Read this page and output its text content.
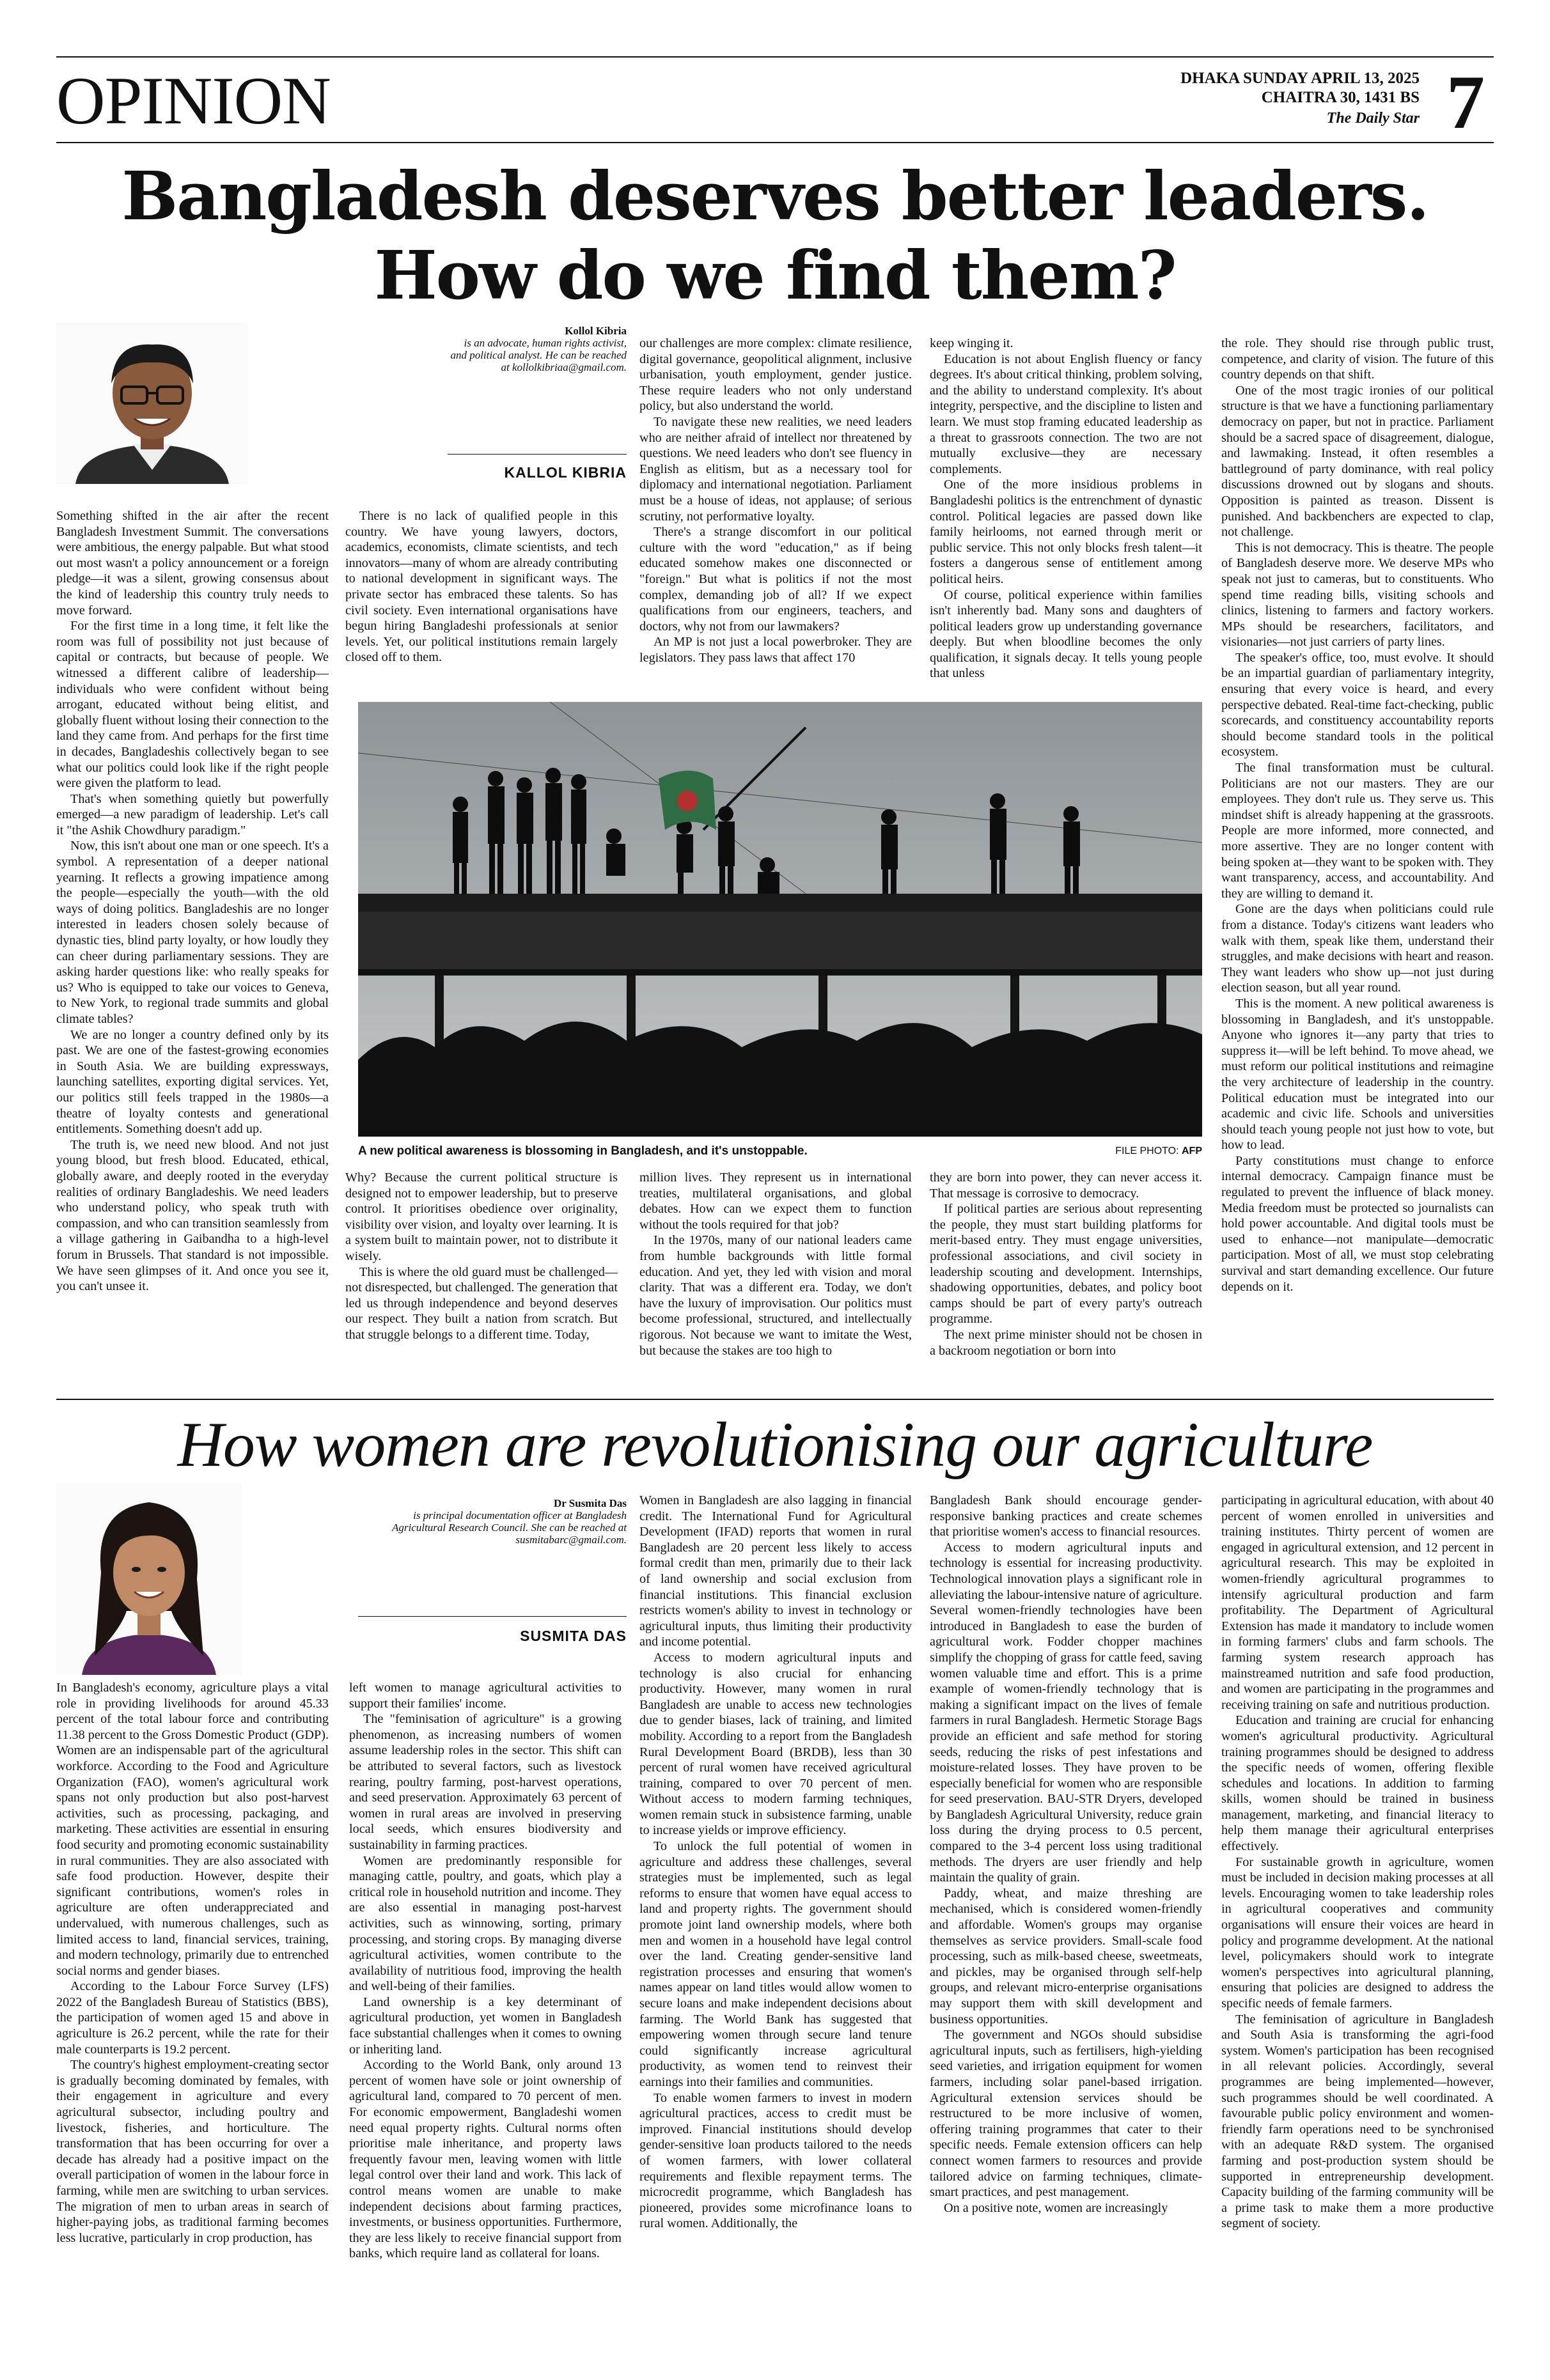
OPINION	DHAKA SUNDAY APRIL 13, 2025
CHAITRA 30, 1431 BS
The Daily Star 7
Bangladesh deserves better leaders.
How do we find them?
Kollol Kibria
is an advocate, human rights activist, and political analyst. He can be reached at kollolkibriaa@gmail.com.
KALLOL KIBRIA

Something shifted in the air after the recent Bangladesh Investment Summit. The conversations were ambitious, the energy palpable. But what stood out most wasn't a policy announcement or a foreign pledge—it was a silent, growing consensus about the kind of leadership this country truly needs to move forward.

For the first time in a long time, it felt like the room was full of possibility not just because of capital or contracts, but because of people. We witnessed a different calibre of leadership—individuals who were confident without being arrogant, educated without being elitist, and globally fluent without losing their connection to the land they came from. And perhaps for the first time in decades, Bangladeshis collectively began to see what our politics could look like if the right people were given the platform to lead.

That's when something quietly but powerfully emerged—a new paradigm of leadership. Let's call it "the Ashik Chowdhury paradigm."

Now, this isn't about one man or one speech. It's a symbol. A representation of a deeper national yearning. It reflects a growing impatience among the people—especially the youth—with the old ways of doing politics. Bangladeshis are no longer interested in leaders chosen solely because of dynastic ties, blind party loyalty, or how loudly they can cheer during parliamentary sessions. They are asking harder questions like: who really speaks for us? Who is equipped to take our voices to Geneva, to New York, to regional trade summits and global climate tables?

We are no longer a country defined only by its past. We are one of the fastest-growing economies in South Asia. We are building expressways, launching satellites, exporting digital services. Yet, our politics still feels trapped in the 1980s—a theatre of loyalty contests and generational entitlements. Something doesn't add up.

The truth is, we need new blood. And not just young blood, but fresh blood. Educated, ethical, globally aware, and deeply rooted in the everyday realities of ordinary Bangladeshis. We need leaders who understand policy, who speak truth with compassion, and who can transition seamlessly from a village gathering in Gaibandha to a high-level forum in Brussels. That standard is not impossible. We have seen glimpses of it. And once you see it, you can't unsee it.

There is no lack of qualified people in this country. We have young lawyers, doctors, academics, economists, climate scientists, and tech innovators—many of whom are already contributing to national development in significant ways. The private sector has embraced these talents. So has civil society. Even international organisations have begun hiring Bangladeshi professionals at senior levels. Yet, our political institutions remain largely closed off to them.

our challenges are more complex: climate resilience, digital governance, geopolitical alignment, inclusive urbanisation, youth employment, gender justice. These require leaders who not only understand policy, but also understand the world.

To navigate these new realities, we need leaders who are neither afraid of intellect nor threatened by questions. We need leaders who don't see fluency in English as elitism, but as a necessary tool for diplomacy and international negotiation. Parliament must be a house of ideas, not applause; of serious scrutiny, not performative loyalty.

There's a strange discomfort in our political culture with the word "education," as if being educated somehow makes one disconnected or "foreign." But what is politics if not the most complex, demanding job of all? If we expect qualifications from our engineers, teachers, and doctors, why not from our lawmakers?

An MP is not just a local powerbroker. They are legislators. They pass laws that affect 170

keep winging it.

Education is not about English fluency or fancy degrees. It's about critical thinking, problem solving, and the ability to understand complexity. It's about integrity, perspective, and the discipline to listen and learn. We must stop framing educated leadership as a threat to grassroots connection. The two are not mutually exclusive—they are necessary complements.

One of the more insidious problems in Bangladeshi politics is the entrenchment of dynastic control. Political legacies are passed down like family heirlooms, not earned through merit or public service. This not only blocks fresh talent—it fosters a dangerous sense of entitlement among political heirs.

Of course, political experience within families isn't inherently bad. Many sons and daughters of political leaders grow up understanding governance deeply. But when bloodline becomes the only qualification, it signals decay. It tells young people that unless

A new political awareness is blossoming in Bangladesh, and it's unstoppable.	FILE PHOTO: AFP

Why? Because the current political structure is designed not to empower leadership, but to preserve control. It prioritises obedience over originality, visibility over vision, and loyalty over learning. It is a system built to maintain power, not to distribute it wisely.

This is where the old guard must be challenged—not disrespected, but challenged. The generation that led us through independence and beyond deserves our respect. They built a nation from scratch. But that struggle belongs to a different time. Today,

million lives. They represent us in international treaties, multilateral organisations, and global debates. How can we expect them to function without the tools required for that job?

In the 1970s, many of our national leaders came from humble backgrounds with little formal education. And yet, they led with vision and moral clarity. That was a different era. Today, we don't have the luxury of improvisation. Our politics must become professional, structured, and intellectually rigorous. Not because we want to imitate the West, but because the stakes are too high to

they are born into power, they can never access it. That message is corrosive to democracy.

If political parties are serious about representing the people, they must start building platforms for merit-based entry. They must engage universities, professional associations, and civil society in leadership scouting and development. Internships, shadowing opportunities, debates, and policy boot camps should be part of every party's outreach programme.

The next prime minister should not be chosen in a backroom negotiation or born into

the role. They should rise through public trust, competence, and clarity of vision. The future of this country depends on that shift.

One of the most tragic ironies of our political structure is that we have a functioning parliamentary democracy on paper, but not in practice. Parliament should be a sacred space of disagreement, dialogue, and lawmaking. Instead, it often resembles a battleground of party dominance, with real policy discussions drowned out by slogans and shouts. Opposition is painted as treason. Dissent is punished. And backbenchers are expected to clap, not challenge.

This is not democracy. This is theatre. The people of Bangladesh deserve more. We deserve MPs who speak not just to cameras, but to constituents. Who spend time reading bills, visiting schools and clinics, listening to farmers and factory workers. MPs should be researchers, facilitators, and visionaries—not just carriers of party lines.

The speaker's office, too, must evolve. It should be an impartial guardian of parliamentary integrity, ensuring that every voice is heard, and every perspective debated. Real-time fact-checking, public scorecards, and constituency accountability reports should become standard tools in the political ecosystem.

The final transformation must be cultural. Politicians are not our masters. They are our employees. They don't rule us. They serve us. This mindset shift is already happening at the grassroots. People are more informed, more connected, and more assertive. They are no longer content with being spoken at—they want to be spoken with. They want transparency, access, and accountability. And they are willing to demand it.

Gone are the days when politicians could rule from a distance. Today's citizens want leaders who walk with them, speak like them, understand their struggles, and make decisions with heart and reason. They want leaders who show up—not just during election season, but all year round.

This is the moment. A new political awareness is blossoming in Bangladesh, and it's unstoppable. Anyone who ignores it—any party that tries to suppress it—will be left behind. To move ahead, we must reform our political institutions and reimagine the very architecture of leadership in the country. Political education must be integrated into our academic and civic life. Schools and universities should teach young people not just how to vote, but how to lead.

Party constitutions must change to enforce internal democracy. Campaign finance must be regulated to prevent the influence of black money. Media freedom must be protected so journalists can hold power accountable. And digital tools must be used to enhance—not manipulate—democratic participation. Most of all, we must stop celebrating survival and start demanding excellence. Our future depends on it.

How women are revolutionising our agriculture
Dr Susmita Das
is principal documentation officer at Bangladesh Agricultural Research Council. She can be reached at susmitabarc@gmail.com.
SUSMITA DAS

In Bangladesh's economy, agriculture plays a vital role in providing livelihoods for around 45.33 percent of the total labour force and contributing 11.38 percent to the Gross Domestic Product (GDP). Women are an indispensable part of the agricultural workforce. According to the Food and Agriculture Organization (FAO), women's agricultural work spans not only production but also post-harvest activities, such as processing, packaging, and marketing. These activities are essential in ensuring food security and promoting economic sustainability in rural communities. They are also associated with safe food production. However, despite their significant contributions, women's roles in agriculture are often underappreciated and undervalued, with numerous challenges, such as limited access to land, financial services, training, and modern technology, primarily due to entrenched social norms and gender biases.

According to the Labour Force Survey (LFS) 2022 of the Bangladesh Bureau of Statistics (BBS), the participation of women aged 15 and above in agriculture is 26.2 percent, while the rate for their male counterparts is 19.2 percent.

The country's highest employment-creating sector is gradually becoming dominated by females, with their engagement in agriculture and every agricultural subsector, including poultry and livestock, fisheries, and horticulture. The transformation that has been occurring for over a decade has already had a positive impact on the overall participation of women in the labour force in farming, while men are switching to urban services. The migration of men to urban areas in search of higher-paying jobs, as traditional farming becomes less lucrative, particularly in crop production, has

left women to manage agricultural activities to support their families' income.

The "feminisation of agriculture" is a growing phenomenon, as increasing numbers of women assume leadership roles in the sector. This shift can be attributed to several factors, such as livestock rearing, poultry farming, post-harvest operations, and seed preservation. Approximately 63 percent of women in rural areas are involved in preserving local seeds, which ensures biodiversity and sustainability in farming practices.

Women are predominantly responsible for managing cattle, poultry, and goats, which play a critical role in household nutrition and income. They are also essential in managing post-harvest activities, such as winnowing, sorting, primary processing, and storing crops. By managing diverse agricultural activities, women contribute to the availability of nutritious food, improving the health and well-being of their families.

Land ownership is a key determinant of agricultural production, yet women in Bangladesh face substantial challenges when it comes to owning or inheriting land.

According to the World Bank, only around 13 percent of women have sole or joint ownership of agricultural land, compared to 70 percent of men. For economic empowerment, Bangladeshi women need equal property rights. Cultural norms often prioritise male inheritance, and property laws frequently favour men, leaving women with little legal control over their land and work. This lack of control means women are unable to make independent decisions about farming practices, investments, or business opportunities. Furthermore, they are less likely to receive financial support from banks, which require land as collateral for loans.

Women in Bangladesh are also lagging in financial credit. The International Fund for Agricultural Development (IFAD) reports that women in rural Bangladesh are 20 percent less likely to access formal credit than men, primarily due to their lack of land ownership and social exclusion from financial institutions. This financial exclusion restricts women's ability to invest in technology or agricultural inputs, thus limiting their productivity and income potential.

Access to modern agricultural inputs and technology is also crucial for enhancing productivity. However, many women in rural Bangladesh are unable to access new technologies due to gender biases, lack of training, and limited mobility. According to a report from the Bangladesh Rural Development Board (BRDB), less than 30 percent of rural women have received agricultural training, compared to over 70 percent of men. Without access to modern farming techniques, women remain stuck in subsistence farming, unable to increase yields or improve efficiency.

To unlock the full potential of women in agriculture and address these challenges, several strategies must be implemented, such as legal reforms to ensure that women have equal access to land and property rights. The government should promote joint land ownership models, where both men and women in a household have legal control over the land. Creating gender-sensitive land registration processes and ensuring that women's names appear on land titles would allow women to secure loans and make independent decisions about farming. The World Bank has suggested that empowering women through secure land tenure could significantly increase agricultural productivity, as women tend to reinvest their earnings into their families and communities.

To enable women farmers to invest in modern agricultural practices, access to credit must be improved. Financial institutions should develop gender-sensitive loan products tailored to the needs of women farmers, with lower collateral requirements and flexible repayment terms. The microcredit programme, which Bangladesh has pioneered, provides some microfinance loans to rural women. Additionally, the

Bangladesh Bank should encourage gender-responsive banking practices and create schemes that prioritise women's access to financial resources.

Access to modern agricultural inputs and technology is essential for increasing productivity. Technological innovation plays a significant role in alleviating the labour-intensive nature of agriculture. Several women-friendly technologies have been introduced in Bangladesh to ease the burden of agricultural work. Fodder chopper machines simplify the chopping of grass for cattle feed, saving women valuable time and effort. This is a prime example of women-friendly technology that is making a significant impact on the lives of female farmers in rural Bangladesh. Hermetic Storage Bags provide an efficient and safe method for storing seeds, reducing the risks of pest infestations and moisture-related losses. They have proven to be especially beneficial for women who are responsible for seed preservation. BAU-STR Dryers, developed by Bangladesh Agricultural University, reduce grain loss during the drying process to 0.5 percent, compared to the 3-4 percent loss using traditional methods. The dryers are user friendly and help maintain the quality of grain.

Paddy, wheat, and maize threshing are mechanised, which is considered women-friendly and affordable. Women's groups may organise themselves as service providers. Small-scale food processing, such as milk-based cheese, sweetmeats, and pickles, may be organised through self-help groups, and relevant micro-enterprise organisations may support them with skill development and business opportunities.

The government and NGOs should subsidise agricultural inputs, such as fertilisers, high-yielding seed varieties, and irrigation equipment for women farmers, including solar panel-based irrigation. Agricultural extension services should be restructured to be more inclusive of women, offering training programmes that cater to their specific needs. Female extension officers can help connect women farmers to resources and provide tailored advice on farming techniques, climate-smart practices, and pest management.

On a positive note, women are increasingly

participating in agricultural education, with about 40 percent of women enrolled in universities and training institutes. Thirty percent of women are engaged in agricultural extension, and 12 percent in agricultural research. This may be exploited in women-friendly agricultural programmes to intensify agricultural production and farm profitability. The Department of Agricultural Extension has made it mandatory to include women in forming farmers' clubs and farm schools. The farming system research approach has mainstreamed nutrition and safe food production, and women are participating in the programmes and receiving training on safe and nutritious production.

Education and training are crucial for enhancing women's agricultural productivity. Agricultural training programmes should be designed to address the specific needs of women, offering flexible schedules and locations. In addition to farming skills, women should be trained in business management, marketing, and financial literacy to help them manage their agricultural enterprises effectively.

For sustainable growth in agriculture, women must be included in decision making processes at all levels. Encouraging women to take leadership roles in agricultural cooperatives and community organisations will ensure their voices are heard in policy and programme development. At the national level, policymakers should work to integrate women's perspectives into agricultural planning, ensuring that policies are designed to address the specific needs of female farmers.

The feminisation of agriculture in Bangladesh and South Asia is transforming the agri-food system. Women's participation has been recognised in all relevant policies. Accordingly, several programmes are being implemented—however, such programmes should be well coordinated. A favourable public policy environment and women-friendly farm operations need to be synchronised with an adequate R&D system. The organised farming and post-production system should be supported in entrepreneurship development. Capacity building of the farming community will be a prime task to make them a more productive segment of society.
